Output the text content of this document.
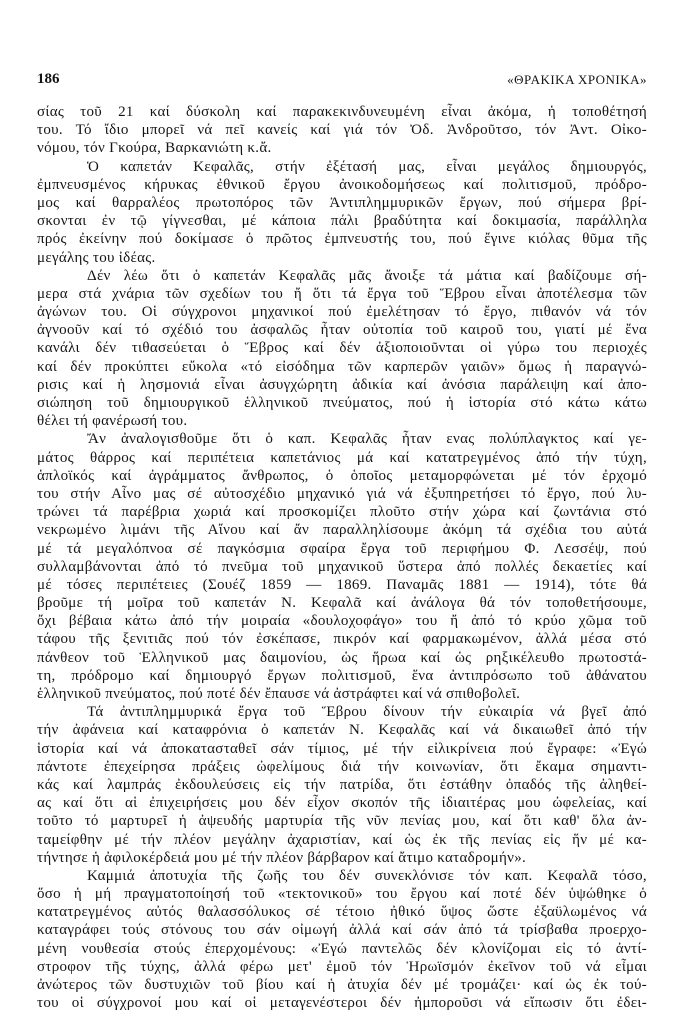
186	«ΘΡΑΚΙΚΑ ΧΡΟΝΙΚΑ»
σίας τοῦ 21 καί δύσκολη καί παρακεκινδυνευμένη εἶναι ἀκόμα, ἡ τοποθέτησή
του. Τό ἴδιο μπορεῖ νά πεῖ κανείς καί γιά τόν Ὀδ. Ἀνδροῦτσο, τόν Ἀντ. Οἰκο-
νόμου, τόν Γκούρα, Βαρκανιώτη κ.ἄ.
Ὁ καπετάν Κεφαλᾶς, στήν ἐξέτασή μας, εἶναι μεγάλος δημιουργός,
ἐμπνευσμένος κήρυκας ἐθνικοῦ ἔργου ἀνοικοδομήσεως καί πολιτισμοῦ, πρόδρο-
μος καί θαρραλέος πρωτοπόρος τῶν Ἀντιπλημμυρικῶν ἔργων, πού σήμερα βρί-
σκονται ἐν τῷ γίγνεσθαι, μέ κάποια πάλι βραδύτητα καί δοκιμασία, παράλληλα
πρός ἐκείνην πού δοκίμασε ὁ πρῶτος ἐμπνευστής του, πού ἔγινε κιόλας θῦμα τῆς
μεγάλης του ἰδέας.
Δέν λέω ὅτι ὁ καπετάν Κεφαλᾶς μᾶς ἄνοιξε τά μάτια καί βαδίζουμε σή-
μερα στά χνάρια τῶν σχεδίων του ἤ ὅτι τά ἔργα τοῦ Ἕβρου εἶναι ἀποτέλεσμα τῶν
ἀγώνων του. Οἱ σύγχρονοι μηχανικοί πού ἐμελέτησαν τό ἔργο, πιθανόν νά τόν
ἀγνοοῦν καί τό σχέδιό του ἀσφαλῶς ἦταν οὐτοπία τοῦ καιροῦ του, γιατί μέ ἕνα
κανάλι δέν τιθασεύεται ὁ Ἕβρος καί δέν ἀξιοποιοῦνται οἱ γύρω του περιοχές
καί δέν προκύπτει εὔκολα «τό εἰσόδημα τῶν καρπερῶν γαιῶν» ὅμως ἡ παραγνώ-
ρισις καί ἡ λησμονιά εἶναι ἀσυγχώρητη ἀδικία καί ἀνόσια παράλειψη καί ἀπο-
σιώπηση τοῦ δημιουργικοῦ ἑλληνικοῦ πνεύματος, πού ἡ ἱστορία στό κάτω κάτω
θέλει τή φανέρωσή του.
Ἄν ἀναλογισθοῦμε ὅτι ὁ καπ. Κεφαλᾶς ἦταν ενας πολύπλαγκτος καί γε-
μάτος θάρρος καί περιπέτεια καπετάνιος μά καί κατατρεγμένος ἀπό τήν τύχη,
ἁπλοϊκός καί ἀγράμματος ἄνθρωπος, ὁ ὁποῖος μεταμορφώνεται μέ τόν ἐρχομό
του στήν Αἶνο μας σέ αὐτοσχέδιο μηχανικό γιά νά ἐξυπηρετήσει τό ἔργο, πού λυ-
τρώνει τά παρέβρια χωριά καί προσκομίζει πλοῦτο στήν χώρα καί ζωντάνια στό
νεκρωμένο λιμάνι τῆς Αἴνου καί ἄν παραλληλίσουμε ἀκόμη τά σχέδια του αὐτά
μέ τά μεγαλόπνοα σέ παγκόσμια σφαίρα ἔργα τοῦ περιφήμου Φ. Λεσσέψ, πού
συλλαμβάνονται ἀπό τό πνεῦμα τοῦ μηχανικοῦ ὕστερα ἀπό πολλές δεκαετίες καί
μέ τόσες περιπέτειες (Σουέζ 1859 — 1869. Παναμᾶς 1881 — 1914), τότε θά
βροῦμε τή μοῖρα τοῦ καπετάν Ν. Κεφαλᾶ καί ἀνάλογα θά τόν τοποθετήσουμε,
ὄχι βέβαια κάτω ἀπό τήν μοιραία «δουλοχοφάγο» του ἤ ἀπό τό κρύο χῶμα τοῦ
τάφου τῆς ξενιτιᾶς πού τόν ἐσκέπασε, πικρόν καί φαρμακωμένον, ἀλλά μέσα στό
πάνθεον τοῦ Ἑλληνικοῦ μας δαιμονίου, ὡς ἥρωα καί ὡς ρηξικέλευθο πρωτοστά-
τη, πρόδρομο καί δημιουργό ἔργων πολιτισμοῦ, ἕνα ἀντιπρόσωπο τοῦ ἀθάνατου
ἑλληνικοῦ πνεύματος, πού ποτέ δέν ἔπαυσε νά ἀστράφτει καί νά σπιθοβολεῖ.
Τά ἀντιπλημμυρικά ἔργα τοῦ Ἕβρου δίνουν τήν εὐκαιρία νά βγεῖ ἀπό
τήν ἀφάνεια καί καταφρόνια ὁ καπετάν Ν. Κεφαλᾶς καί νά δικαιωθεῖ ἀπό τήν
ἱστορία καί νά ἀποκατασταθεῖ σάν τίμιος, μέ τήν εἰλικρίνεια πού ἔγραφε: «Ἐγώ
πάντοτε ἐπεχείρησα πράξεις ὠφελίμους διά τήν κοινωνίαν, ὅτι ἔκαμα σημαντι-
κάς καί λαμπράς ἐκδουλεύσεις εἰς τήν πατρίδα, ὅτι ἐστάθην ὀπαδός τῆς ἀληθεί-
ας καί ὅτι αἱ ἐπιχειρήσεις μου δέν εἶχον σκοπόν τῆς ἰδιαιτέρας μου ὠφελείας, καί
τοῦτο τό μαρτυρεῖ ἡ ἀψευδής μαρτυρία τῆς νῦν πενίας μου, καί ὅτι καθ' ὅλα ἀν-
ταμείφθην μέ τήν πλέον μεγάλην ἀχαριστίαν, καί ὡς ἐκ τῆς πενίας εἰς ἥν μέ κα-
τήντησε ἡ ἀφιλοκέρδειά μου μέ τήν πλέον βάρβαρον καί ἄτιμο καταδρομήν».
Καμμιά ἀποτυχία τῆς ζωῆς του δέν συνεκλόνισε τόν καπ. Κεφαλᾶ τόσο,
ὅσο ἡ μή πραγματοποίησή τοῦ «τεκτονικοῦ» του ἔργου καί ποτέ δέν ὑψώθηκε ὁ
κατατρεγμένος αὐτός θαλασσόλυκος σέ τέτοιο ἠθικό ὕψος ὥστε ἐξαϋλωμένος νά
καταγράφει τούς στόνους του σάν οἰμωγή ἀλλά καί σάν ἀπό τά τρίσβαθα προερχο-
μένη νουθεσία στούς ἐπερχομένους: «Ἐγώ παντελῶς δέν κλονίζομαι εἰς τό ἀντί-
στροφον τῆς τύχης, ἀλλά φέρω μετ' ἐμοῦ τόν Ἡρωϊσμόν ἐκεῖνον τοῦ νά εἶμαι
ἀνώτερος τῶν δυστυχιῶν τοῦ βίου καί ἡ ἀτυχία δέν μέ τρομάζει· καί ὡς ἐκ τού-
του οἱ σύγχρονοί μου καί οἱ μεταγενέστεροι δέν ἠμποροῦσι νά εἴπωσιν ὅτι ἐδει-
